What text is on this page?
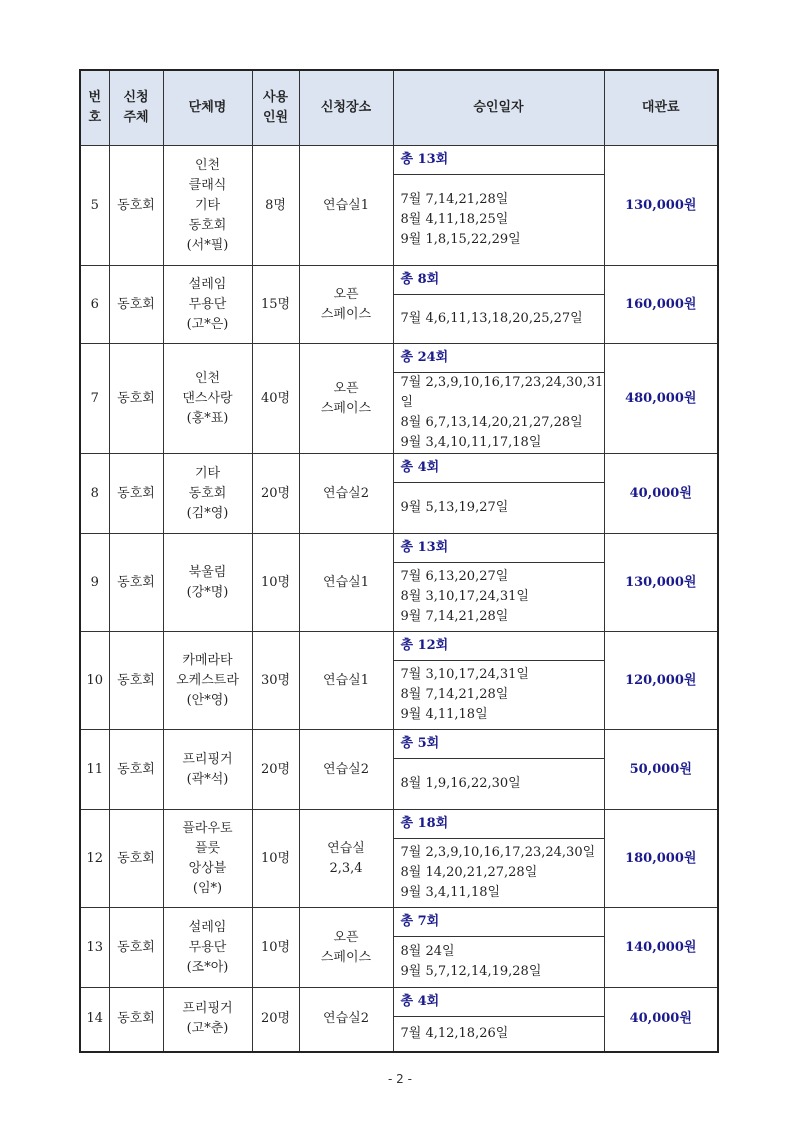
번
호	신청
주체	단체명	사용
인원	신청장소	승인일자	대관료
5	동호회	인천
클래식
기타
동호회
(서*필)	8명	연습실1	총 13회	130,000원
					7월 7,14,21,28일
8월 4,11,18,25일
9월 1,8,15,22,29일	
6	동호회	설레임
무용단
(고*은)	15명	오픈
스페이스	총 8회	160,000원
					7월 4,6,11,13,18,20,25,27일	
7	동호회	인천
댄스사랑
(홍*표)	40명	오픈
스페이스	총 24회	480,000원
					7월 2,3,9,10,16,17,23,24,30,31일
8월 6,7,13,14,20,21,27,28일
9월 3,4,10,11,17,18일	
8	동호회	기타
동호회
(김*영)	20명	연습실2	총 4회	40,000원
					9월 5,13,19,27일	
9	동호회	북울림
(강*명)	10명	연습실1	총 13회	130,000원
					7월 6,13,20,27일
8월 3,10,17,24,31일
9월 7,14,21,28일	
10	동호회	카메라타
오케스트라
(안*영)	30명	연습실1	총 12회	120,000원
					7월 3,10,17,24,31일
8월 7,14,21,28일
9월 4,11,18일	
11	동호회	프리핑거
(곽*석)	20명	연습실2	총 5회	50,000원
					8월 1,9,16,22,30일	
12	동호회	플라우토
플룻
앙상블
(임*)	10명	연습실
2,3,4	총 18회	180,000원
					7월 2,3,9,10,16,17,23,24,30일
8월 14,20,21,27,28일
9월 3,4,11,18일	
13	동호회	설레임
무용단
(조*아)	10명	오픈
스페이스	총 7회	140,000원
					8월 24일
9월 5,7,12,14,19,28일	
14	동호회	프리핑거
(고*춘)	20명	연습실2	총 4회	40,000원
					7월 4,12,18,26일	
- 2 -
